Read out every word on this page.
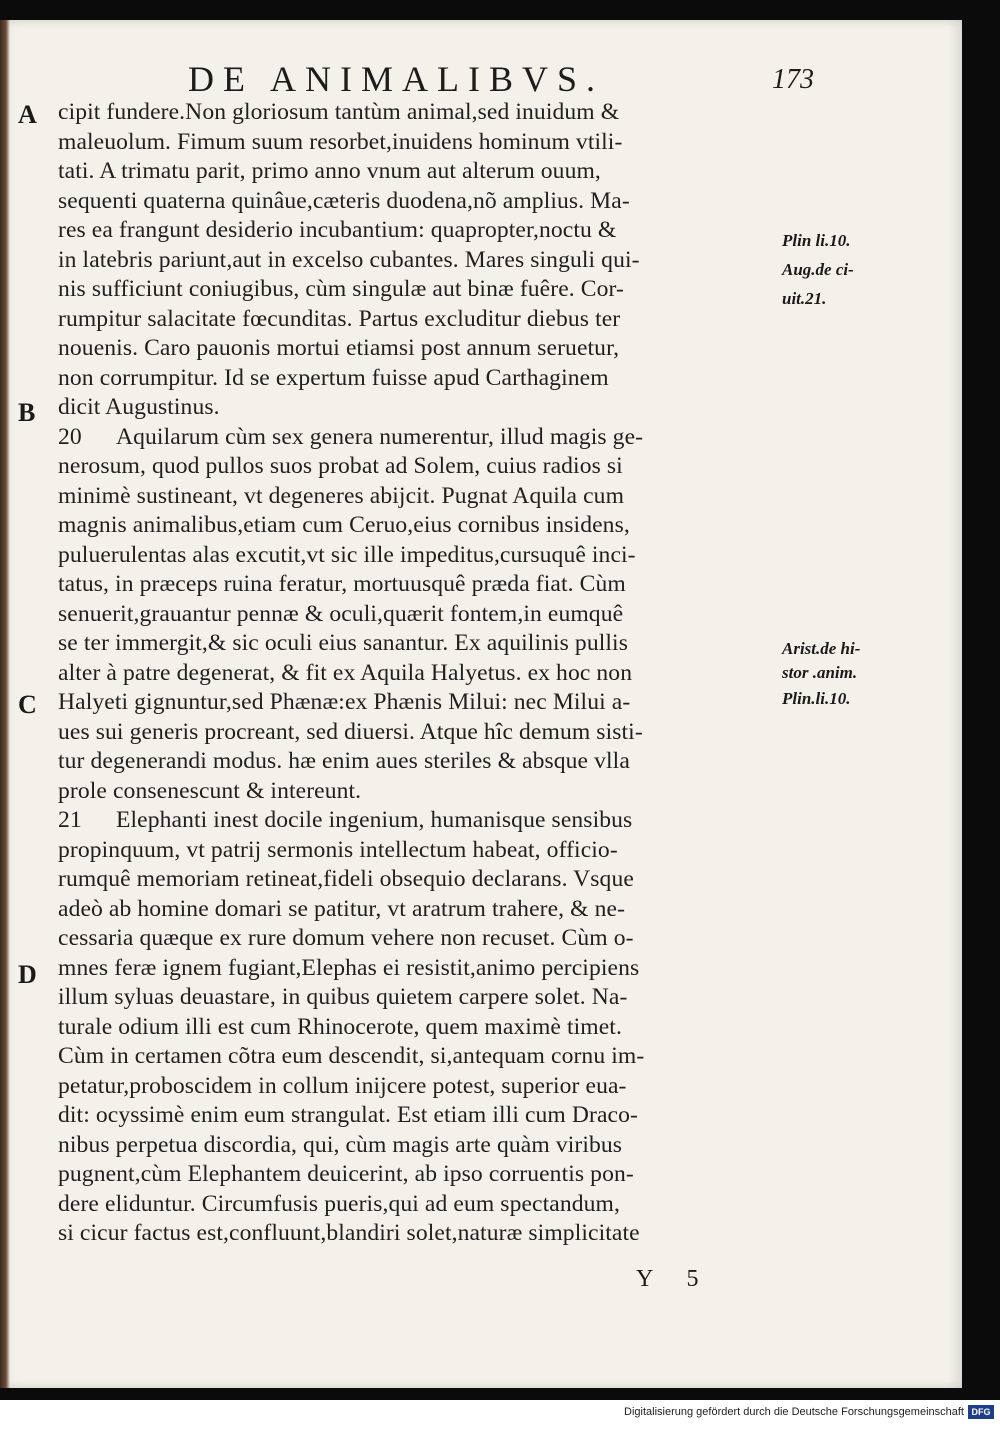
DE ANIMALIBVS.	173
A
B
C
D
Plin li.10.
Aug.de ci-
uit.21.
Arist.de hi-
stor .anim.
Plin.li.10.
cipit fundere.Non gloriosum tantùm animal,sed inuidum &
maleuolum. Fimum suum resorbet,inuidens hominum vtili-
tati. A trimatu parit, primo anno vnum aut alterum ouum,
sequenti quaterna quinâue,cæteris duodena,nõ amplius. Ma-
res ea frangunt desiderio incubantium: quapropter,noctu &
in latebris pariunt,aut in excelso cubantes. Mares singuli qui-
nis sufficiunt coniugibus, cùm singulæ aut binæ fuêre. Cor-
rumpitur salacitate fœcunditas. Partus excluditur diebus ter
nouenis. Caro pauonis mortui etiamsi post annum seruetur,
non corrumpitur. Id se expertum fuisse apud Carthaginem
dicit Augustinus.
20 Aquilarum cùm sex genera numerentur, illud magis ge-
nerosum, quod pullos suos probat ad Solem, cuius radios si
minimè sustineant, vt degeneres abijcit. Pugnat Aquila cum
magnis animalibus,etiam cum Ceruo,eius cornibus insidens,
puluerulentas alas excutit,vt sic ille impeditus,cursuquê inci-
tatus, in præceps ruina feratur, mortuusquê præda fiat. Cùm
senuerit,grauantur pennæ & oculi,quærit fontem,in eumquê
se ter immergit,& sic oculi eius sanantur. Ex aquilinis pullis
alter à patre degenerat, & fit ex Aquila Halyetus. ex hoc non
Halyeti gignuntur,sed Phænæ:ex Phænis Milui: nec Milui a-
ues sui generis procreant, sed diuersi. Atque hîc demum sisti-
tur degenerandi modus. hæ enim aues steriles & absque vlla
prole consenescunt & intereunt.
21 Elephanti inest docile ingenium, humanisque sensibus
propinquum, vt patrij sermonis intellectum habeat, officio-
rumquê memoriam retineat,fideli obsequio declarans. Vsque
adeò ab homine domari se patitur, vt aratrum trahere, & ne-
cessaria quæque ex rure domum vehere non recuset. Cùm o-
mnes feræ ignem fugiant,Elephas ei resistit,animo percipiens
illum syluas deuastare, in quibus quietem carpere solet. Na-
turale odium illi est cum Rhinocerote, quem maximè timet.
Cùm in certamen cõtra eum descendit, si,antequam cornu im-
petatur,proboscidem in collum inijcere potest, superior eua-
dit: ocyssimè enim eum strangulat. Est etiam illi cum Draco-
nibus perpetua discordia, qui, cùm magis arte quàm viribus
pugnent,cùm Elephantem deuicerint, ab ipso corruentis pon-
dere eliduntur. Circumfusis pueris,qui ad eum spectandum,
si cicur factus est,confluunt,blandiri solet,naturæ simplicitate
Y 5
Digitalisierung gefördert durch die Deutsche Forschungsgemeinschaft DFG
